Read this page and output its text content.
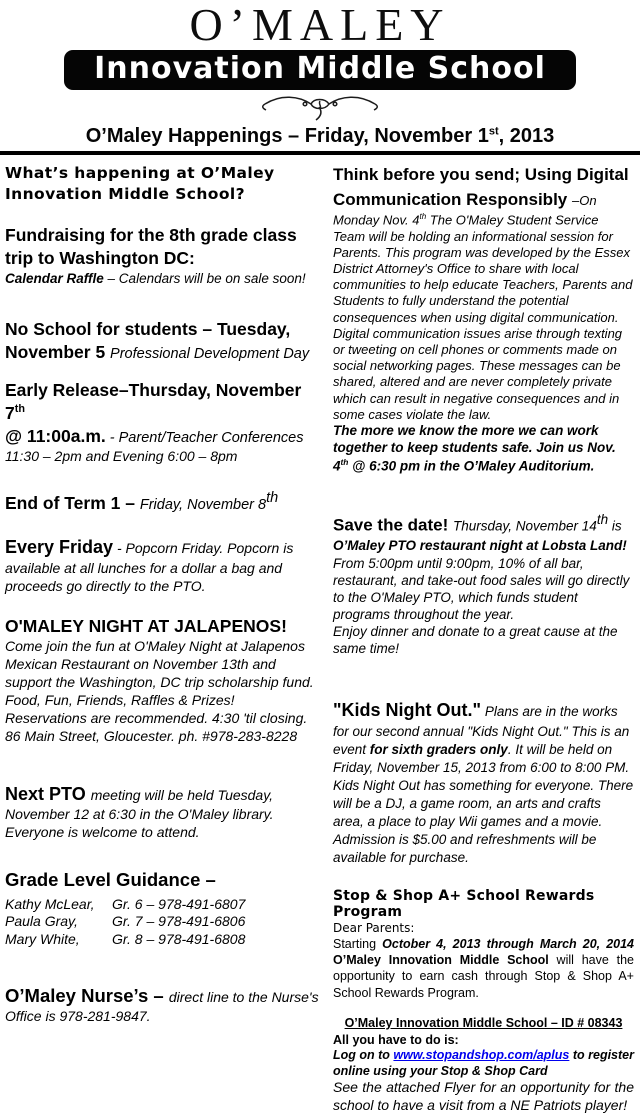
O’MALEY
Innovation Middle School
O’Maley Happenings – Friday, November 1st, 2013
What’s happening at O’Maley Innovation Middle School?
Fundraising for the 8th grade class trip to Washington DC:
Calendar Raffle – Calendars will be on sale soon!
No School for students – Tuesday, November 5 Professional Development Day
Early Release–Thursday, November 7th
@ 11:00a.m. - Parent/Teacher Conferences
11:30 – 2pm and Evening 6:00 – 8pm
End of Term 1 – Friday, November 8th
Every Friday - Popcorn Friday. Popcorn is available at all lunches for a dollar a bag and proceeds go directly to the PTO.
O'MALEY NIGHT AT JALAPENOS!
Come join the fun at O'Maley Night at Jalapenos Mexican Restaurant on November 13th and support the Washington, DC trip scholarship fund.
Food, Fun, Friends, Raffles & Prizes!
Reservations are recommended. 4:30 'til closing.
86 Main Street, Gloucester. ph. #978-283-8228
Next PTO meeting will be held Tuesday, November 12 at 6:30 in the O'Maley library. Everyone is welcome to attend.
Grade Level Guidance –
Kathy McLear,	Gr. 6 – 978-491-6807
Paula Gray,	Gr. 7 – 978-491-6806
Mary White,	Gr. 8 – 978-491-6808
O’Maley Nurse’s – direct line to the Nurse's Office is 978-281-9847.
Think before you send; Using Digital Communication Responsibly –On
Monday Nov. 4th The O'Maley Student Service Team will be holding an informational session for Parents. This program was developed by the Essex District Attorney's Office to share with local communities to help educate Teachers, Parents and Students to fully understand the potential consequences when using digital communication. Digital communication issues arise through texting or tweeting on cell phones or comments made on social networking pages. These messages can be shared, altered and are never completely private which can result in negative consequences and in some cases violate the law.
The more we know the more we can work together to keep students safe. Join us Nov. 4th @ 6:30 pm in the O’Maley Auditorium.
Save the date! Thursday, November 14th is
O’Maley PTO restaurant night at Lobsta Land!
From 5:00pm until 9:00pm, 10% of all bar, restaurant, and take-out food sales will go directly to the O'Maley PTO, which funds student programs throughout the year.
Enjoy dinner and donate to a great cause at the same time!
"Kids Night Out." Plans are in the works for our second annual "Kids Night Out." This is an event for sixth graders only. It will be held on Friday, November 15, 2013 from 6:00 to 8:00 PM. Kids Night Out has something for everyone. There will be a DJ, a game room, an arts and crafts area, a place to play Wii games and a movie. Admission is $5.00 and refreshments will be available for purchase.
Stop & Shop A+ School Rewards Program
Dear Parents:
Starting October 4, 2013 through March 20, 2014 O’Maley Innovation Middle School will have the opportunity to earn cash through Stop & Shop A+ School Rewards Program.
O’Maley Innovation Middle School – ID # 08343
All you have to do is:
Log on to www.stopandshop.com/aplus to register online using your Stop & Shop Card
See the attached Flyer for an opportunity for the school to have a visit from a NE Patriots player!
